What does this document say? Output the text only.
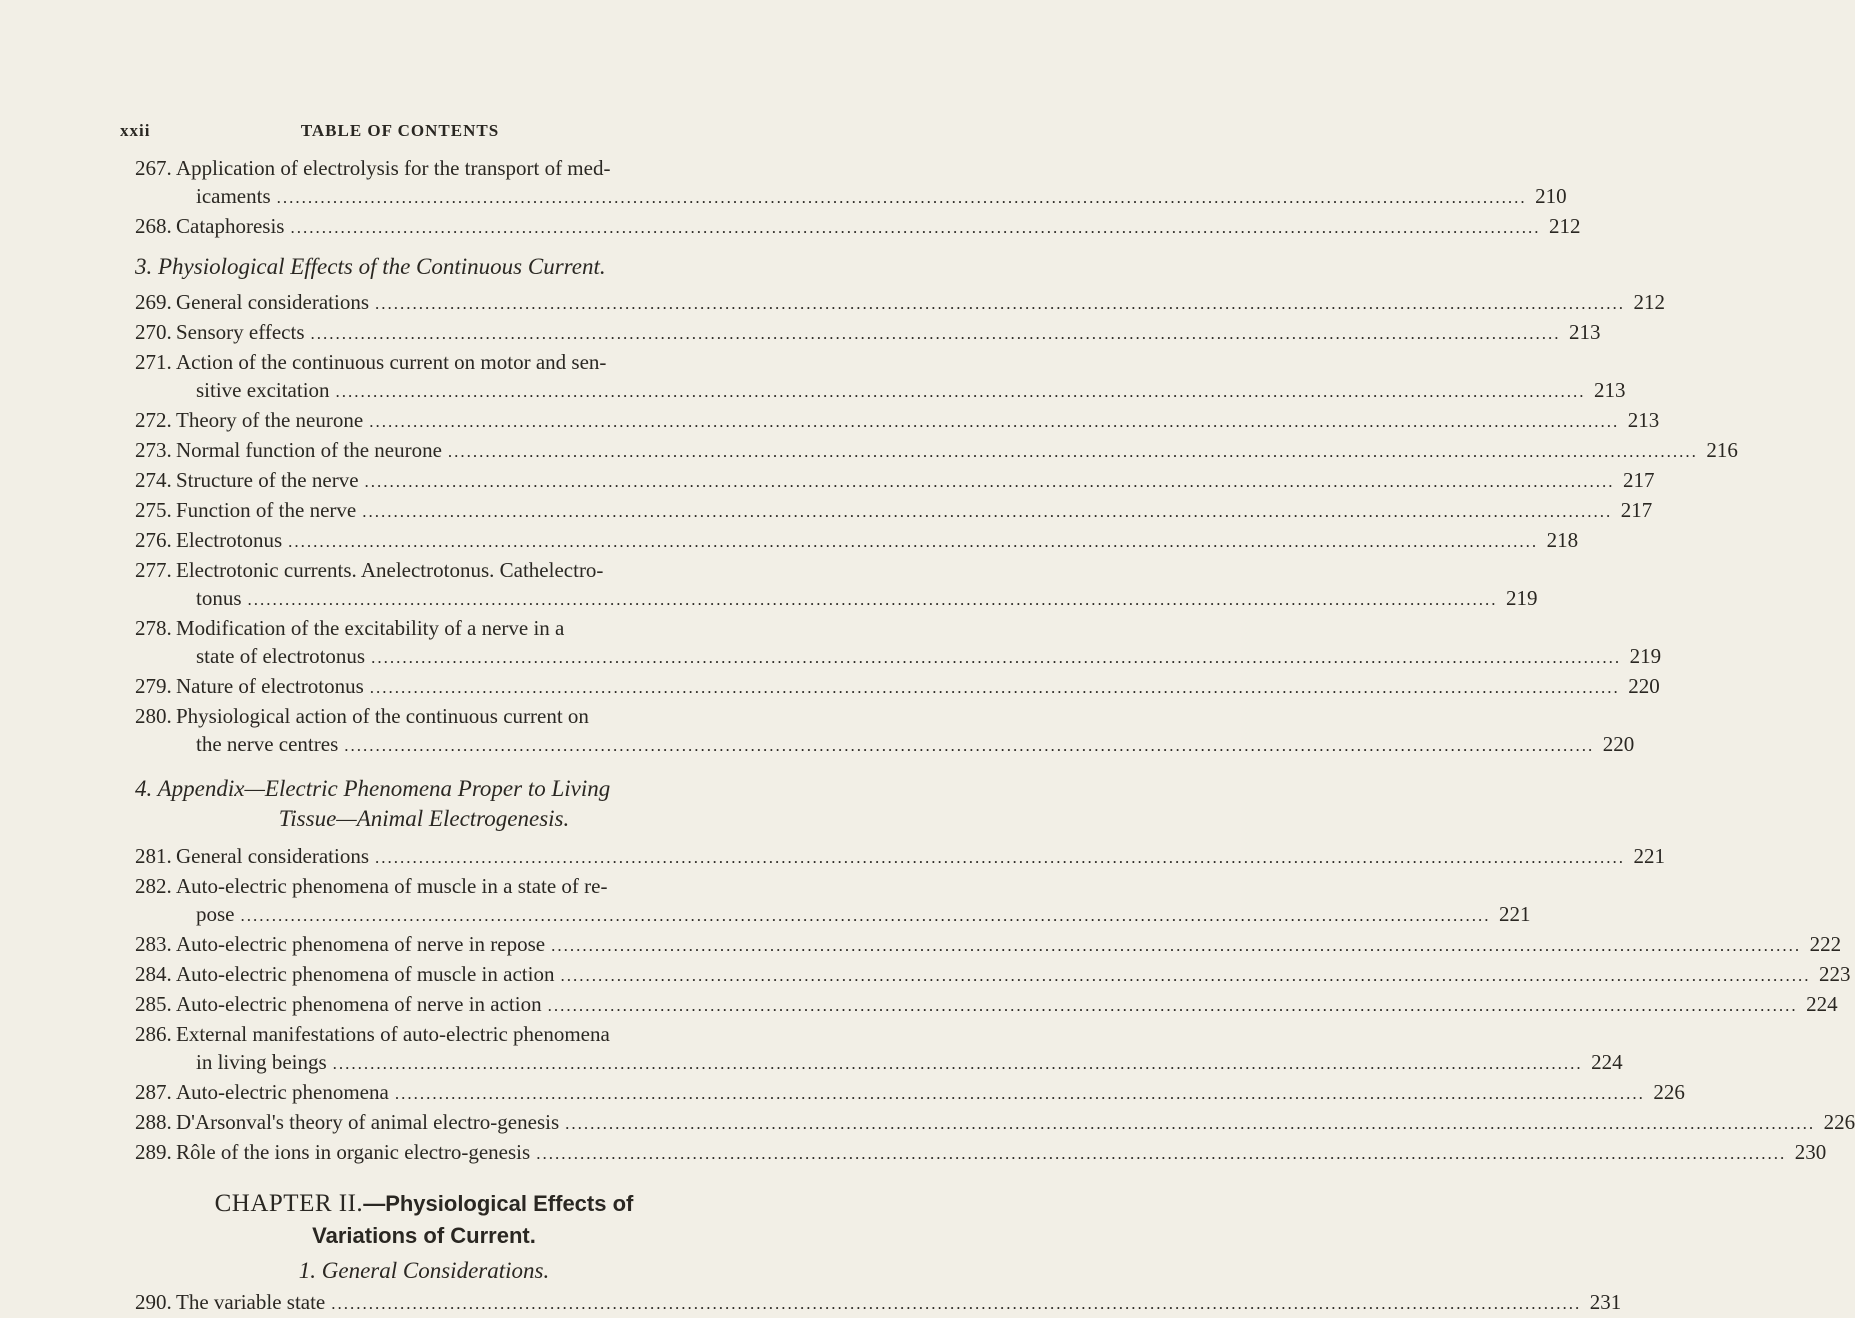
xxii	TABLE OF CONTENTS
267. Application of electrolysis for the transport of med-
icaments ........................................................................................................................................................................................................ 210
268. Cataphoresis ........................................................................................................................................................................................................ 212
3. Physiological Effects of the Continuous Current.
269. General considerations ........................................................................................................................................................................................................ 212
270. Sensory effects ........................................................................................................................................................................................................ 213
271. Action of the continuous current on motor and sen-
sitive excitation ........................................................................................................................................................................................................ 213
272. Theory of the neurone ........................................................................................................................................................................................................ 213
273. Normal function of the neurone ........................................................................................................................................................................................................ 216
274. Structure of the nerve ........................................................................................................................................................................................................ 217
275. Function of the nerve ........................................................................................................................................................................................................ 217
276. Electrotonus ........................................................................................................................................................................................................ 218
277. Electrotonic currents. Anelectrotonus. Cathelectro-
tonus ........................................................................................................................................................................................................ 219
278. Modification of the excitability of a nerve in a
state of electrotonus ........................................................................................................................................................................................................ 219
279. Nature of electrotonus ........................................................................................................................................................................................................ 220
280. Physiological action of the continuous current on
the nerve centres ........................................................................................................................................................................................................ 220
4. Appendix—Electric Phenomena Proper to Living
Tissue—Animal Electrogenesis.
281. General considerations ........................................................................................................................................................................................................ 221
282. Auto-electric phenomena of muscle in a state of re-
pose ........................................................................................................................................................................................................ 221
283. Auto-electric phenomena of nerve in repose ........................................................................................................................................................................................................ 222
284. Auto-electric phenomena of muscle in action ........................................................................................................................................................................................................ 223
285. Auto-electric phenomena of nerve in action ........................................................................................................................................................................................................ 224
286. External manifestations of auto-electric phenomena
in living beings ........................................................................................................................................................................................................ 224
287. Auto-electric phenomena ........................................................................................................................................................................................................ 226
288. D'Arsonval's theory of animal electro-genesis ........................................................................................................................................................................................................ 226
289. Rôle of the ions in organic electro-genesis ........................................................................................................................................................................................................ 230
CHAPTER II.—Physiological Effects of
Variations of Current.
1. General Considerations.
290. The variable state ........................................................................................................................................................................................................ 231
